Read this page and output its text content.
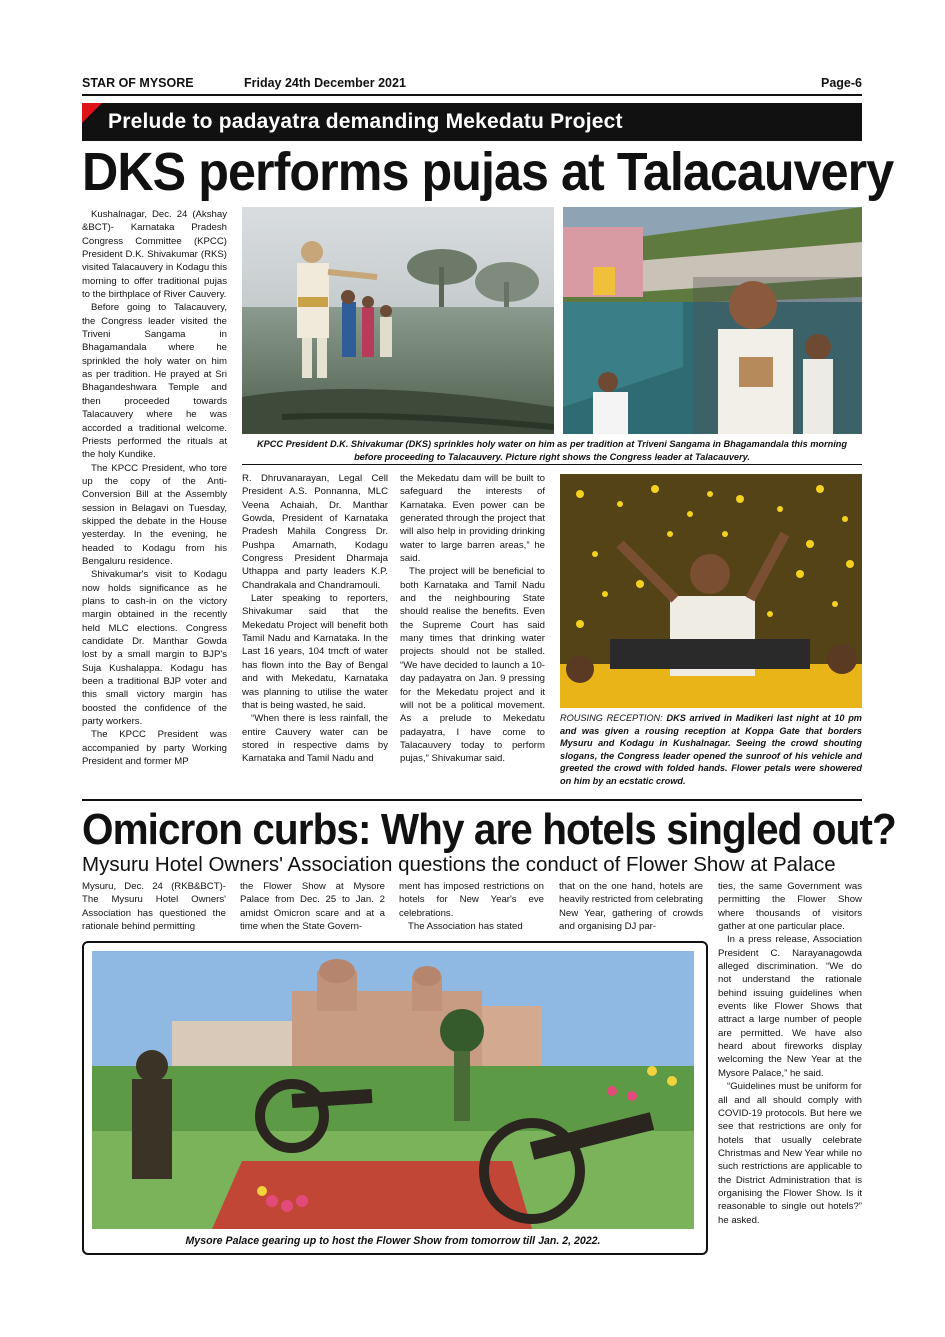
STAR OF MYSORE	Friday 24th December 2021	Page-6
Prelude to padayatra demanding Mekedatu Project
DKS performs pujas at Talacauvery

Kushalnagar, Dec. 24 (Akshay &BCT)- Karnataka Pradesh Congress Committee (KPCC) President D.K. Shivakumar (RKS) visited Talacauvery in Kodagu this morning to offer traditional pujas to the birthplace of River Cauvery.

Before going to Talacauvery, the Congress leader visited the Triveni Sangama in Bhagamandala where he sprinkled the holy water on him as per tradition. He prayed at Sri Bhagandeshwara Temple and then proceeded towards Talacauvery where he was accorded a traditional welcome. Priests performed the rituals at the holy Kundike.

The KPCC President, who tore up the copy of the Anti-Conversion Bill at the Assembly session in Belagavi on Tuesday, skipped the debate in the House yesterday. In the evening, he headed to Kodagu from his Bengaluru residence.

Shivakumar's visit to Kodagu now holds significance as he plans to cash-in on the victory margin obtained in the recently held MLC elections. Congress candidate Dr. Manthar Gowda lost by a small margin to BJP's Suja Kushalappa. Kodagu has been a traditional BJP voter and this small victory margin has boosted the confidence of the party workers.

The KPCC President was accompanied by party Working President and former MP

KPCC President D.K. Shivakumar (DKS) sprinkles holy water on him as per tradition at Triveni Sangama in Bhagamandala this morning before proceeding to Talacauvery. Picture right shows the Congress leader at Talacauvery.

R. Dhruvanarayan, Legal Cell President A.S. Ponnanna, MLC Veena Achaiah, Dr. Manthar Gowda, President of Karnataka Pradesh Mahila Congress Dr. Pushpa Amarnath, Kodagu Congress President Dharmaja Uthappa and party leaders K.P. Chandrakala and Chandramouli.

Later speaking to reporters, Shivakumar said that the Mekedatu Project will benefit both Tamil Nadu and Karnataka. In the Last 16 years, 104 tmcft of water has flown into the Bay of Bengal and with Mekedatu, Karnataka was planning to utilise the water that is being wasted, he said.

“When there is less rainfall, the entire Cauvery water can be stored in respective dams by Karnataka and Tamil Nadu and

the Mekedatu dam will be built to safeguard the interests of Karnataka. Even power can be generated through the project that will also help in providing drinking water to large barren areas,” he said.

The project will be beneficial to both Karnataka and Tamil Nadu and the neighbouring State should realise the benefits. Even the Supreme Court has said many times that drinking water projects should not be stalled. “We have decided to launch a 10-day padayatra on Jan. 9 pressing for the Mekedatu project and it will not be a political movement. As a prelude to Mekedatu padayatra, I have come to Talacauvery today to perform pujas,” Shivakumar said.

ROUSING RECEPTION: DKS arrived in Madikeri last night at 10 pm and was given a rousing reception at Koppa Gate that borders Mysuru and Kodagu in Kushalnagar. Seeing the crowd shouting slogans, the Congress leader opened the sunroof of his vehicle and greeted the crowd with folded hands. Flower petals were showered on him by an ecstatic crowd.
Omicron curbs: Why are hotels singled out?
Mysuru Hotel Owners' Association questions the conduct of Flower Show at Palace

Mysuru, Dec. 24 (RKB&BCT)- The Mysuru Hotel Owners' Association has questioned the rationale behind permitting

the Flower Show at Mysore Palace from Dec. 25 to Jan. 2 amidst Omicron scare and at a time when the State Govern-

ment has imposed restrictions on hotels for New Year's eve celebrations.

The Association has stated

that on the one hand, hotels are heavily restricted from celebrating New Year, gathering of crowds and organising DJ par-

ties, the same Government was permitting the Flower Show where thousands of visitors gather at one particular place.

In a press release, Association President C. Narayanagowda alleged discrimination. “We do not understand the rationale behind issuing guidelines when events like Flower Shows that attract a large number of people are permitted. We have also heard about fireworks display welcoming the New Year at the Mysore Palace,” he said.

“Guidelines must be uniform for all and all should comply with COVID-19 protocols. But here we see that restrictions are only for hotels that usually celebrate Christmas and New Year while no such restrictions are applicable to the District Administration that is organising the Flower Show. Is it reasonable to single out hotels?” he asked.

Mysore Palace gearing up to host the Flower Show from tomorrow till Jan. 2, 2022.
